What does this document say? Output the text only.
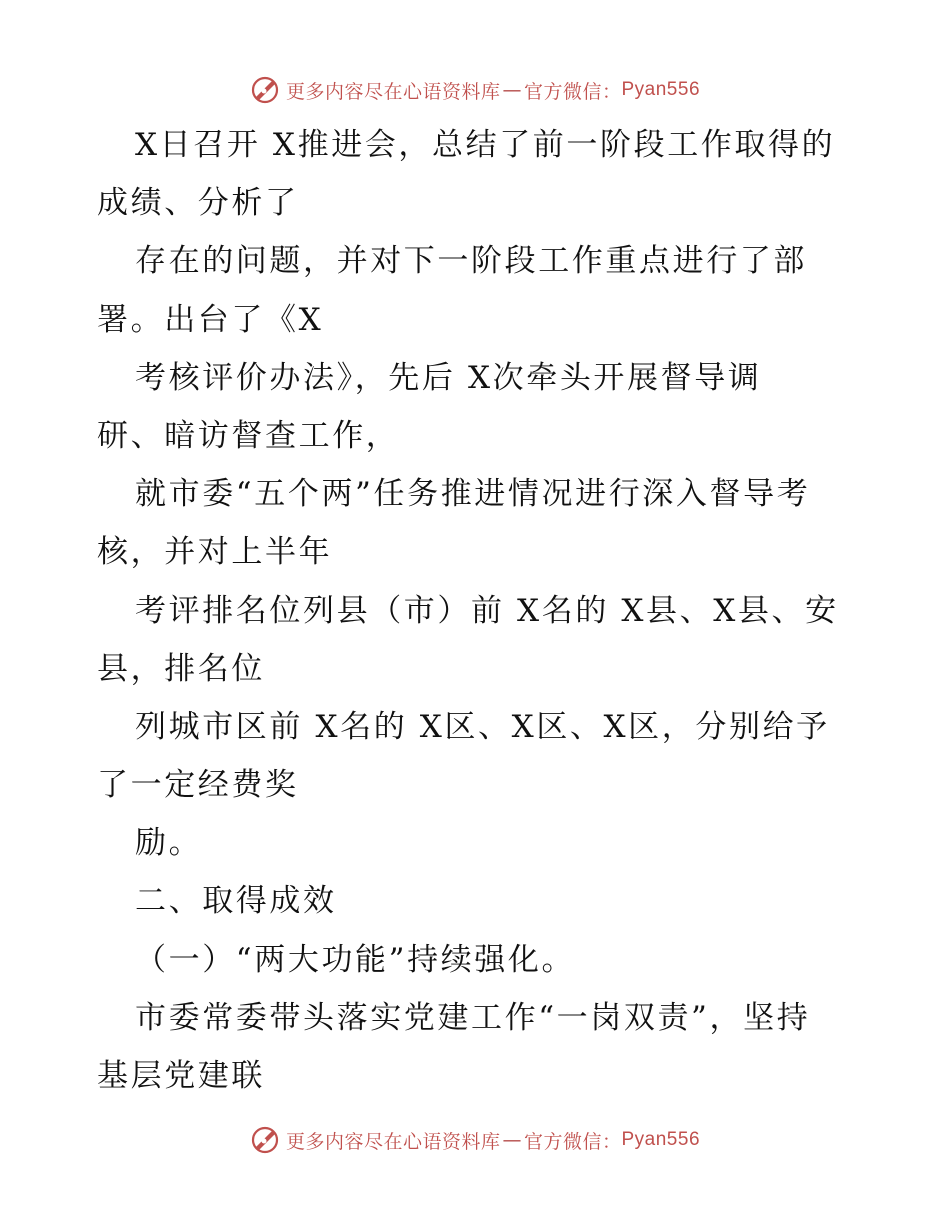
更多内容尽在心语资料库 — 官方微信： Pyan556
X日召开 X推进会，总结了前一阶段工作取得的
成绩、分析了
存在的问题，并对下一阶段工作重点进行了部
署。出台了《X
考核评价办法》，先后 X次牵头开展督导调
研、暗访督查工作，
就市委“五个两”任务推进情况进行深入督导考
核，并对上半年
考评排名位列县（市）前 X名的 X县、X县、安
县，排名位
列城市区前 X名的 X区、X区、X区，分别给予
了一定经费奖
励。
二、取得成效
（一）“两大功能”持续强化。
市委常委带头落实党建工作“一岗双责”，坚持
基层党建联
更多内容尽在心语资料库 — 官方微信： Pyan556
